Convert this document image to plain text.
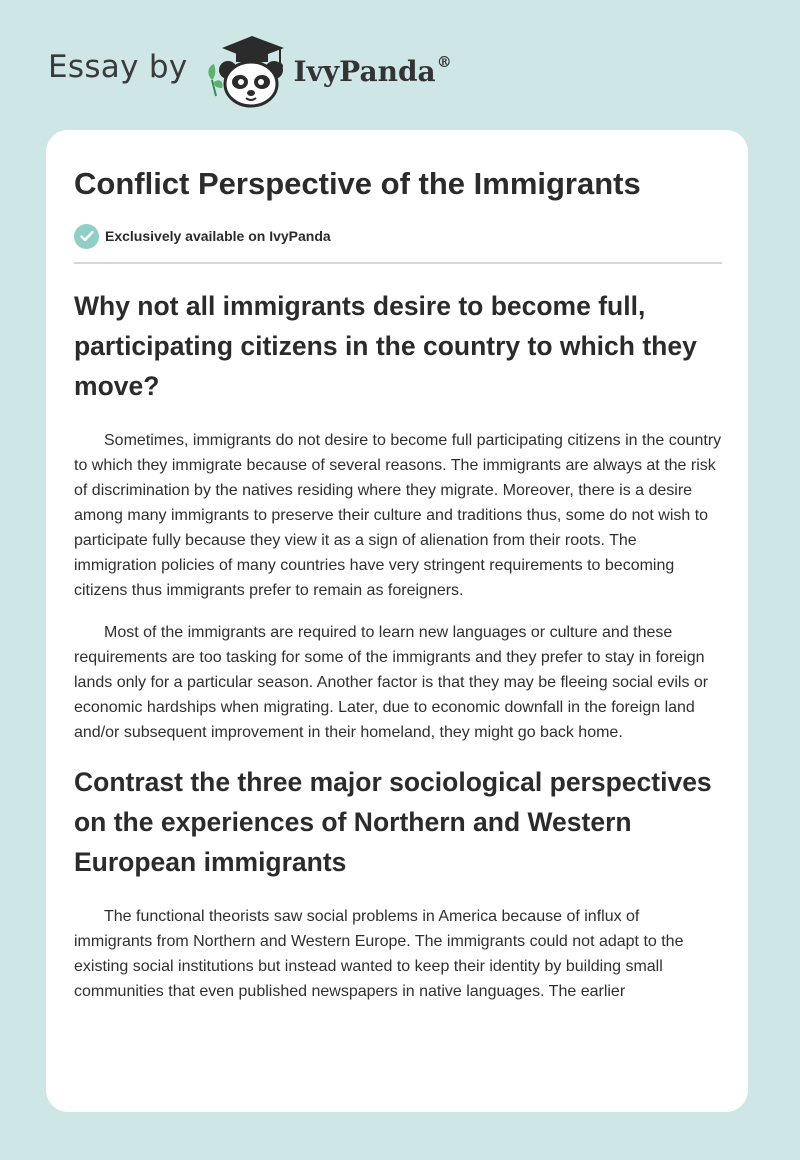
Essay by	IvyPanda®
Conflict Perspective of the Immigrants
Exclusively available on IvyPanda
Why not all immigrants desire to become full, participating citizens in the country to which they move?

Sometimes, immigrants do not desire to become full participating citizens in the country to which they immigrate because of several reasons. The immigrants are always at the risk of discrimination by the natives residing where they migrate. Moreover, there is a desire among many immigrants to preserve their culture and traditions thus, some do not wish to participate fully because they view it as a sign of alienation from their roots. The immigration policies of many countries have very stringent requirements to becoming citizens thus immigrants prefer to remain as foreigners.

Most of the immigrants are required to learn new languages or culture and these requirements are too tasking for some of the immigrants and they prefer to stay in foreign lands only for a particular season. Another factor is that they may be fleeing social evils or economic hardships when migrating. Later, due to economic downfall in the foreign land and/or subsequent improvement in their homeland, they might go back home.

Contrast the three major sociological perspectives on the experiences of Northern and Western European immigrants

The functional theorists saw social problems in America because of influx of immigrants from Northern and Western Europe. The immigrants could not adapt to the existing social institutions but instead wanted to keep their identity by building small communities that even published newspapers in native languages. The earlier
